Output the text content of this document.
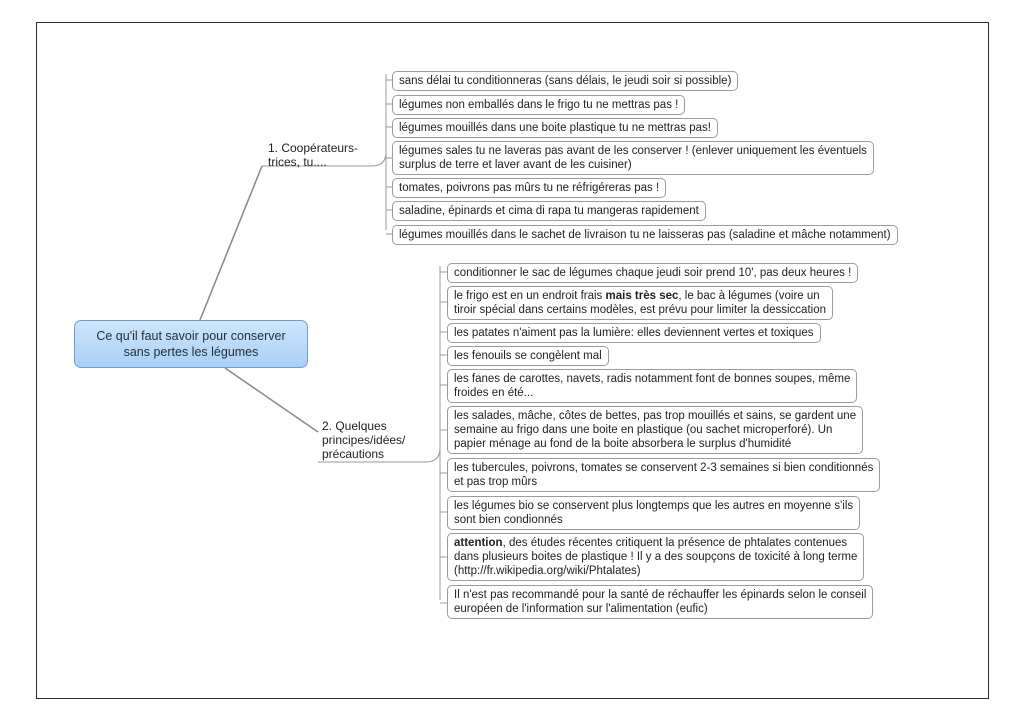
Ce qu'il faut savoir pour conserver
sans pertes les légumes
1. Coopérateurs-
trices, tu....
2. Quelques
principes/idées/
précautions
sans délai tu conditionneras (sans délais, le jeudi soir si possible)
légumes non emballés dans le frigo tu ne mettras pas !
légumes mouillés dans une boite plastique tu ne mettras pas!
légumes sales tu ne laveras pas avant de les conserver ! (enlever uniquement les éventuels
surplus de terre et laver avant de les cuisiner)
tomates, poivrons pas mûrs tu ne réfrigéreras pas !
saladine, épinards et cima di rapa tu mangeras rapidement
légumes mouillés dans le sachet de livraison tu ne laisseras pas (saladine et mâche notamment)
conditionner le sac de légumes chaque jeudi soir prend 10', pas deux heures !
le frigo est en un endroit frais mais très sec, le bac à légumes (voire un
tiroir spécial dans certains modèles, est prévu pour limiter la dessiccation
les patates n'aiment pas la lumière: elles deviennent vertes et toxiques
les fenouils se congèlent mal
les fanes de carottes, navets, radis notamment font de bonnes soupes, même
froides en été...
les salades, mâche, côtes de bettes, pas trop mouillés et sains, se gardent une
semaine au frigo dans une boite en plastique (ou sachet microperforé). Un
papier ménage au fond de la boite absorbera le surplus d'humidité
les tubercules, poivrons, tomates se conservent 2-3 semaines si bien conditionnés
et pas trop mûrs
les légumes bio se conservent plus longtemps que les autres en moyenne s'ils
sont bien condionnés
attention, des études récentes critiquent la présence de phtalates contenues
dans plusieurs boites de plastique ! Il y a des soupçons de toxicité à long terme
(http://fr.wikipedia.org/wiki/Phtalates)
Il n'est pas recommandé pour la santé de réchauffer les épinards selon le conseil
européen de l'information sur l'alimentation (eufic)
